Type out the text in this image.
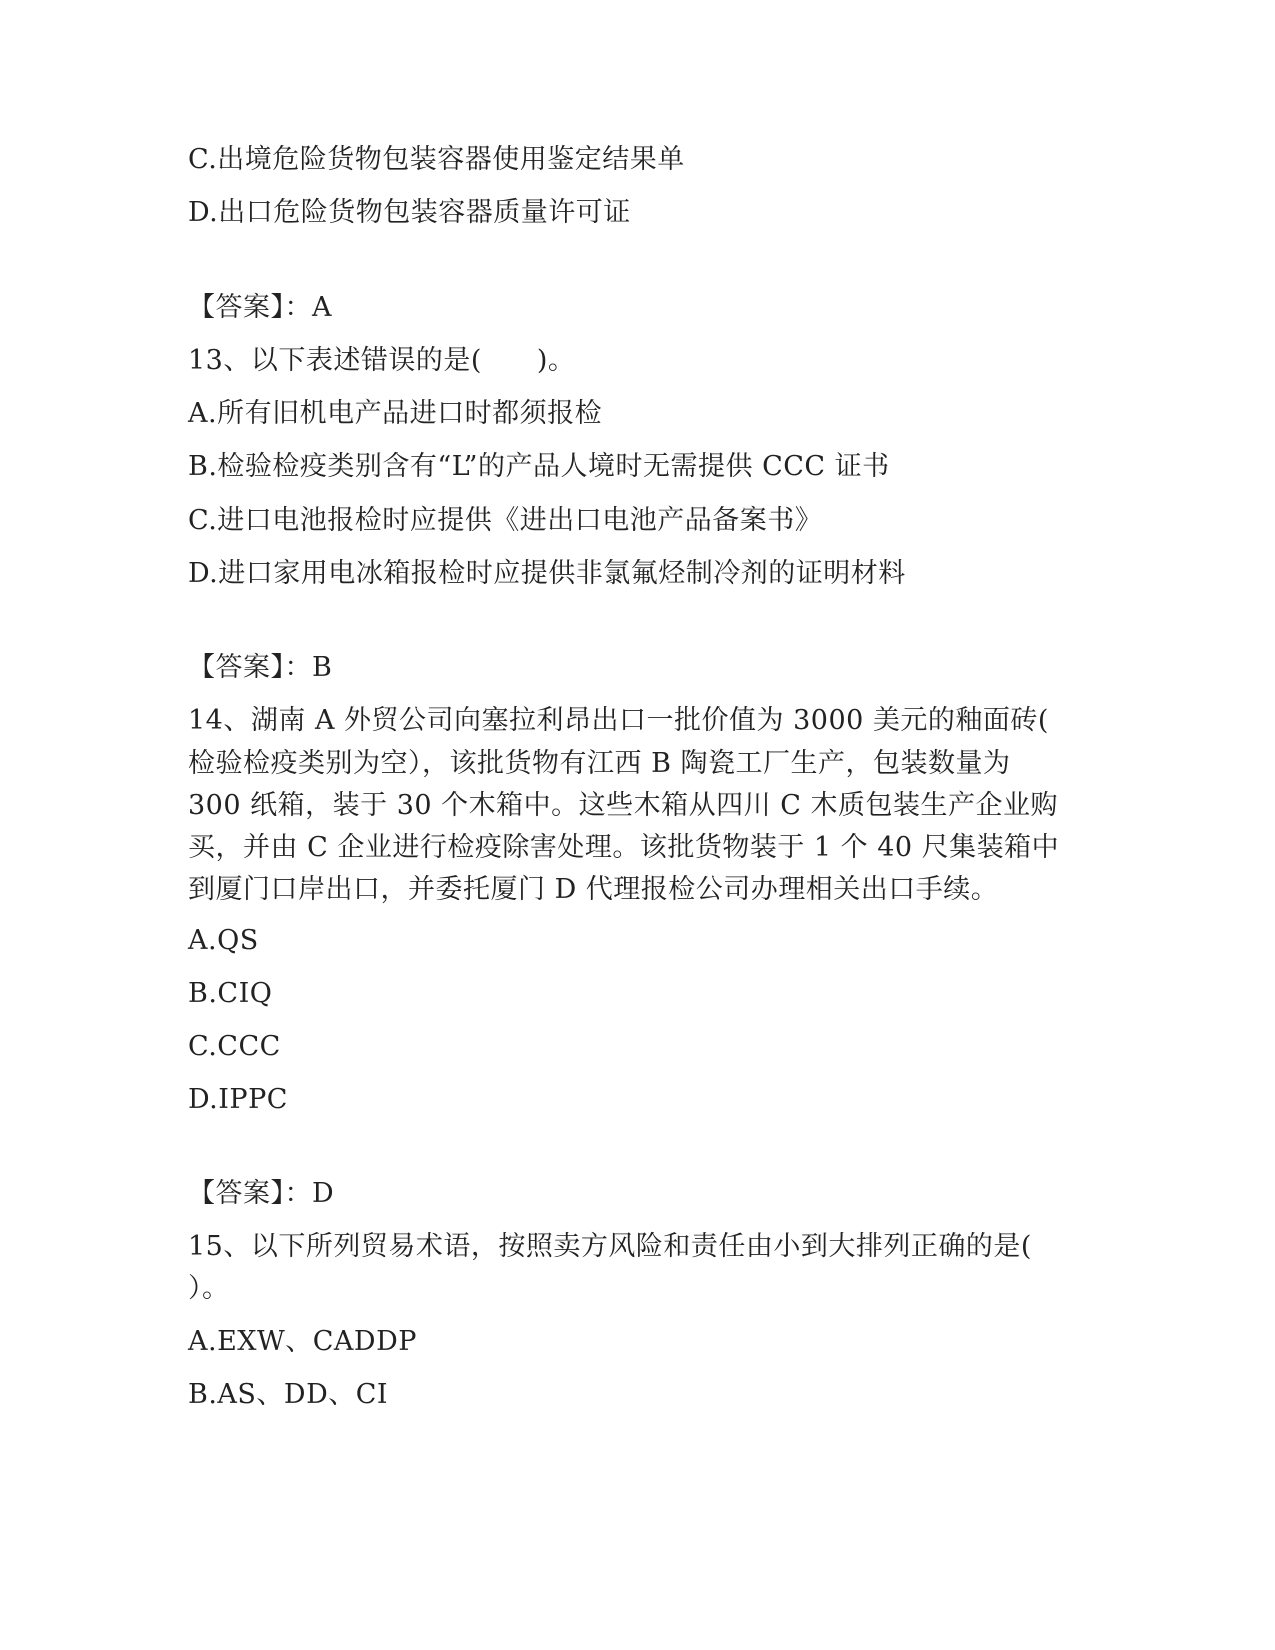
C.出境危险货物包装容器使用鉴定结果单
D.出口危险货物包装容器质量许可证
【答案】：A
13、以下表述错误的是(　　)。
A.所有旧机电产品进口时都须报检
B.检验检疫类别含有“L”的产品人境时无需提供 CCC 证书
C.进口电池报检时应提供《进出口电池产品备案书》
D.进口家用电冰箱报检时应提供非氯氟烃制冷剂的证明材料
【答案】：B
14、湖南 A 外贸公司向塞拉利昂出口一批价值为 3000 美元的釉面砖(
检验检疫类别为空），该批货物有江西 B 陶瓷工厂生产，包装数量为
300 纸箱，装于 30 个木箱中。这些木箱从四川 C 木质包装生产企业购
买，并由 C 企业进行检疫除害处理。该批货物装于 1 个 40 尺集装箱中
到厦门口岸出口，并委托厦门 D 代理报检公司办理相关出口手续。
A.QS
B.CIQ
C.CCC
D.IPPC
【答案】：D
15、以下所列贸易术语，按照卖方风险和责任由小到大排列正确的是(
）。
A.EXW、CADDP
B.AS、DD、CI
